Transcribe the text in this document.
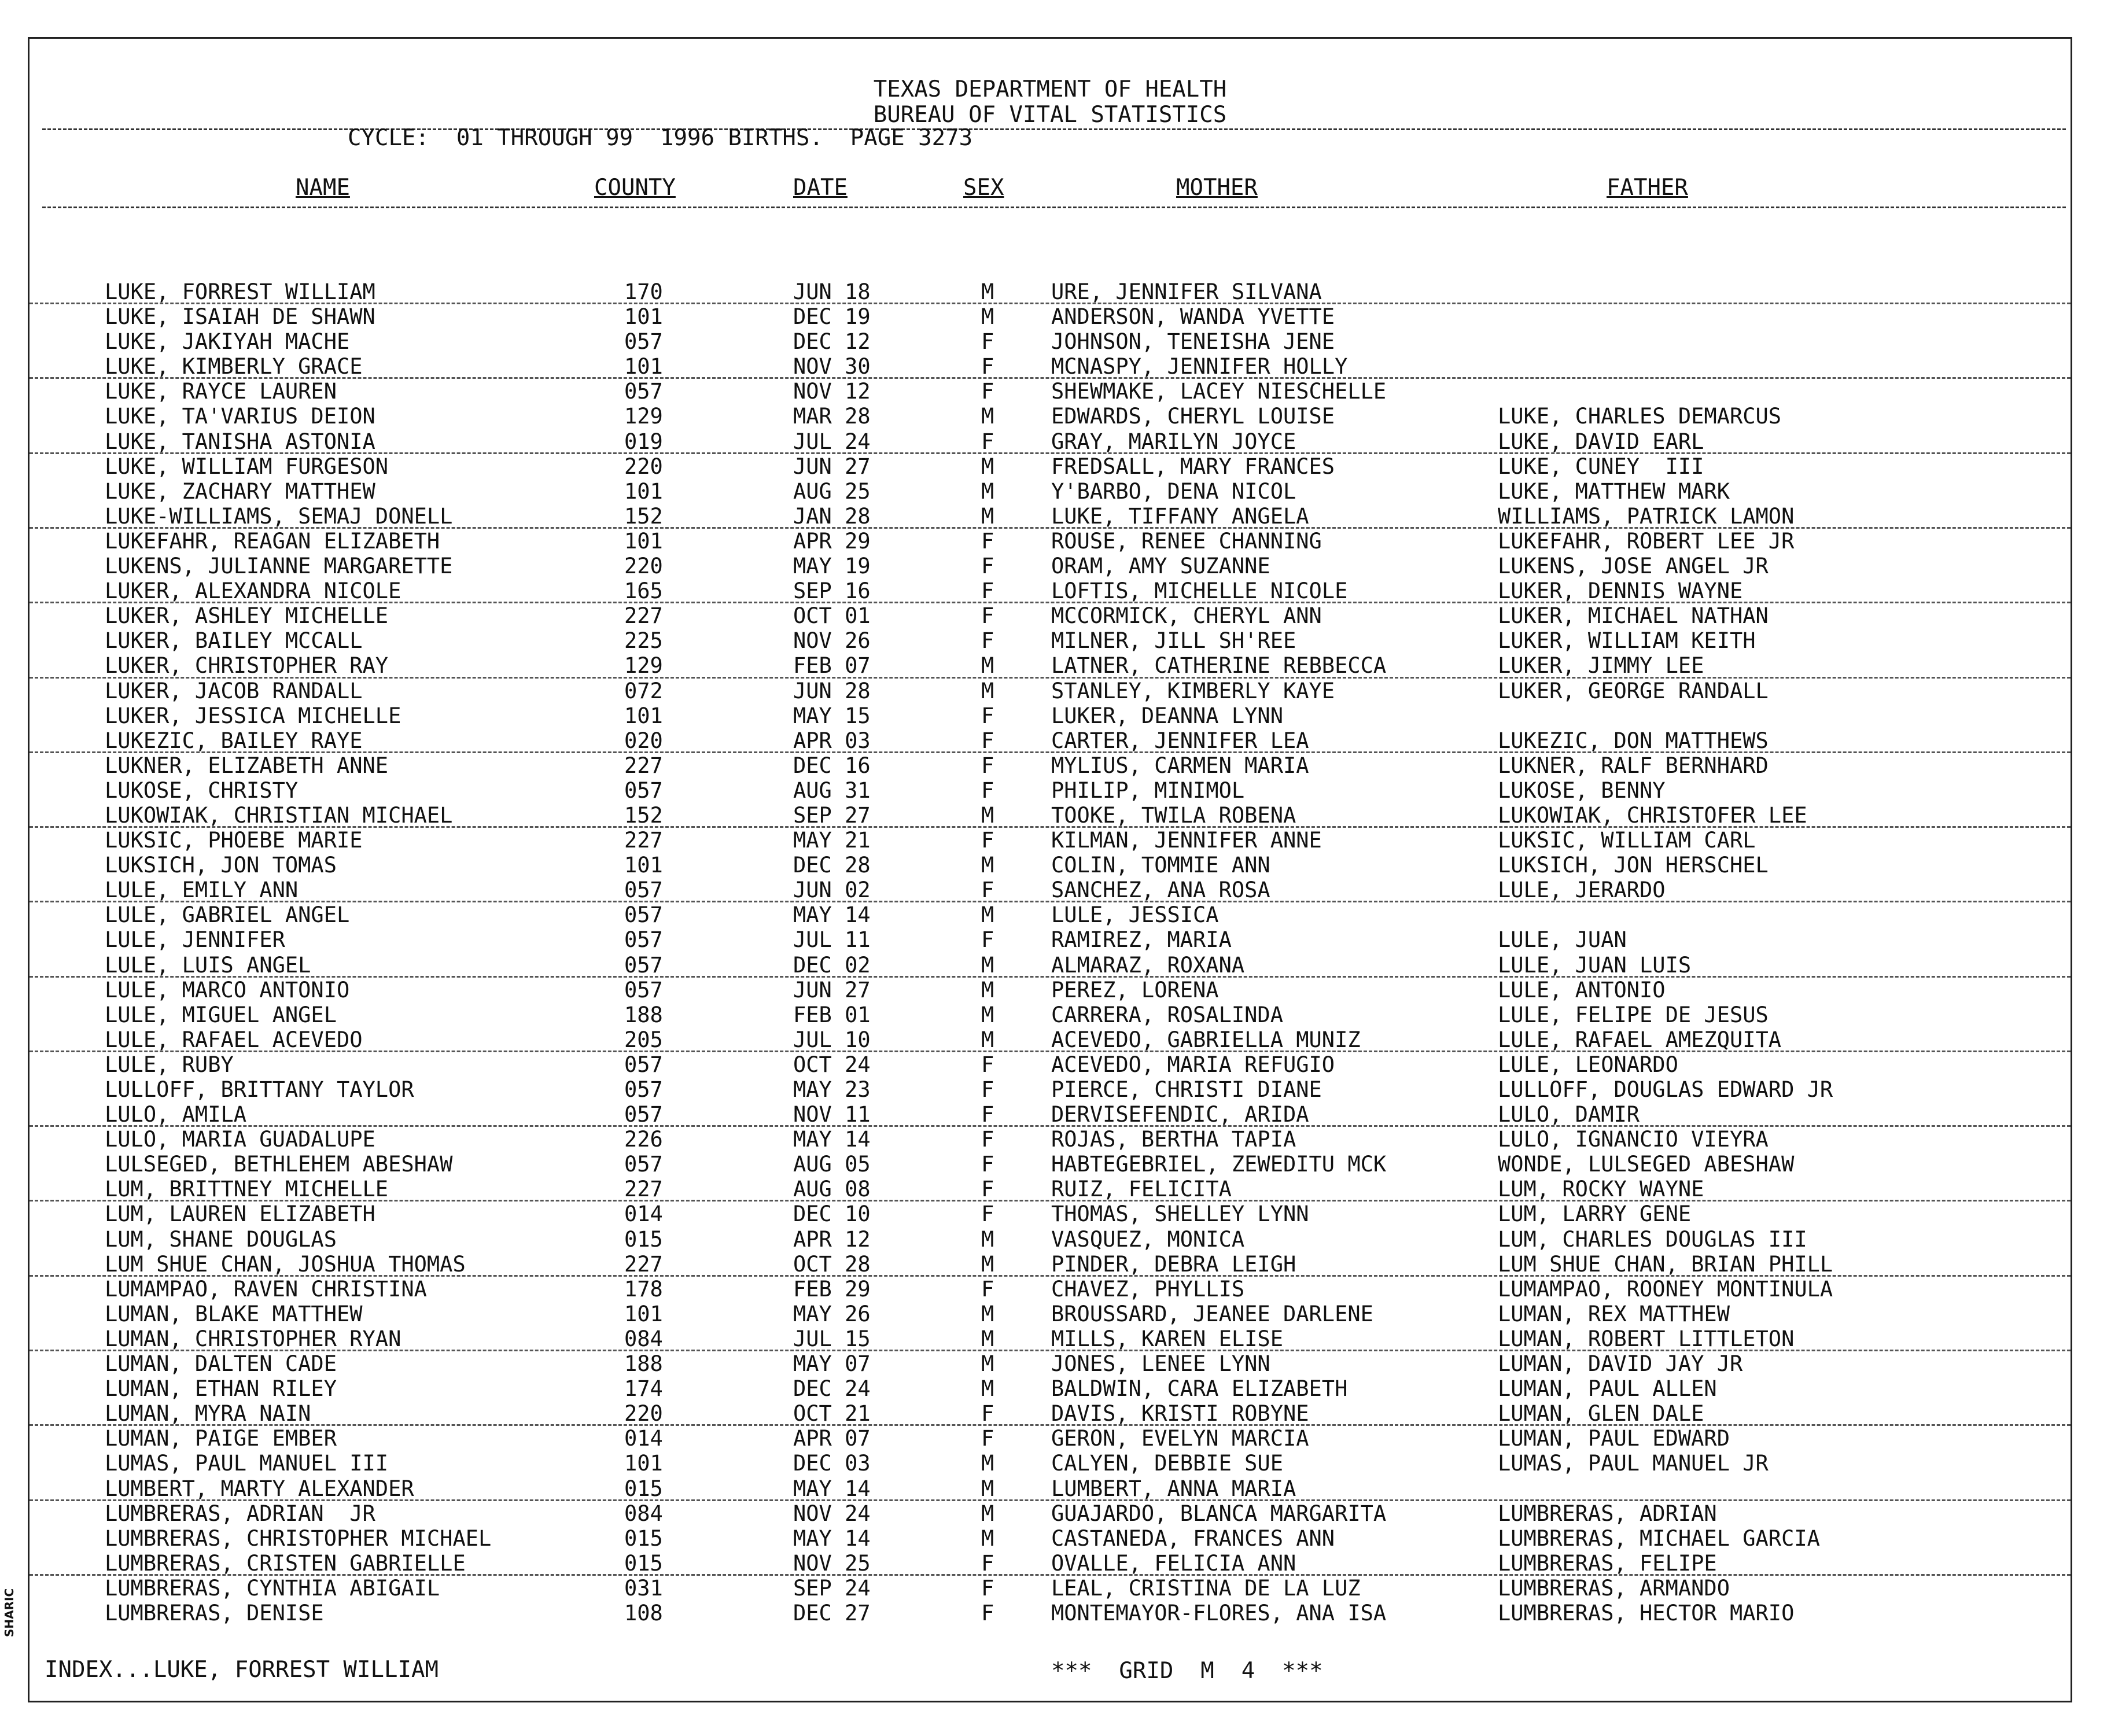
TEXAS DEPARTMENT OF HEALTH
BUREAU OF VITAL STATISTICS
CYCLE:  01 THROUGH 99  1996 BIRTHS.  PAGE 3273
NAME	COUNTY	DATE	SEX	MOTHER	FATHER
LUKE, FORREST WILLIAM	170	JUN 18	M	URE, JENNIFER SILVANA
LUKE, ISAIAH DE SHAWN	101	DEC 19	M	ANDERSON, WANDA YVETTE
LUKE, JAKIYAH MACHE	057	DEC 12	F	JOHNSON, TENEISHA JENE
LUKE, KIMBERLY GRACE	101	NOV 30	F	MCNASPY, JENNIFER HOLLY
LUKE, RAYCE LAUREN	057	NOV 12	F	SHEWMAKE, LACEY NIESCHELLE
LUKE, TA'VARIUS DEION	129	MAR 28	M	EDWARDS, CHERYL LOUISE	LUKE, CHARLES DEMARCUS
LUKE, TANISHA ASTONIA	019	JUL 24	F	GRAY, MARILYN JOYCE	LUKE, DAVID EARL
LUKE, WILLIAM FURGESON	220	JUN 27	M	FREDSALL, MARY FRANCES	LUKE, CUNEY  III
LUKE, ZACHARY MATTHEW	101	AUG 25	M	Y'BARBO, DENA NICOL	LUKE, MATTHEW MARK
LUKE-WILLIAMS, SEMAJ DONELL	152	JAN 28	M	LUKE, TIFFANY ANGELA	WILLIAMS, PATRICK LAMON
LUKEFAHR, REAGAN ELIZABETH	101	APR 29	F	ROUSE, RENEE CHANNING	LUKEFAHR, ROBERT LEE JR
LUKENS, JULIANNE MARGARETTE	220	MAY 19	F	ORAM, AMY SUZANNE	LUKENS, JOSE ANGEL JR
LUKER, ALEXANDRA NICOLE	165	SEP 16	F	LOFTIS, MICHELLE NICOLE	LUKER, DENNIS WAYNE
LUKER, ASHLEY MICHELLE	227	OCT 01	F	MCCORMICK, CHERYL ANN	LUKER, MICHAEL NATHAN
LUKER, BAILEY MCCALL	225	NOV 26	F	MILNER, JILL SH'REE	LUKER, WILLIAM KEITH
LUKER, CHRISTOPHER RAY	129	FEB 07	M	LATNER, CATHERINE REBBECCA	LUKER, JIMMY LEE
LUKER, JACOB RANDALL	072	JUN 28	M	STANLEY, KIMBERLY KAYE	LUKER, GEORGE RANDALL
LUKER, JESSICA MICHELLE	101	MAY 15	F	LUKER, DEANNA LYNN
LUKEZIC, BAILEY RAYE	020	APR 03	F	CARTER, JENNIFER LEA	LUKEZIC, DON MATTHEWS
LUKNER, ELIZABETH ANNE	227	DEC 16	F	MYLIUS, CARMEN MARIA	LUKNER, RALF BERNHARD
LUKOSE, CHRISTY	057	AUG 31	F	PHILIP, MINIMOL	LUKOSE, BENNY
LUKOWIAK, CHRISTIAN MICHAEL	152	SEP 27	M	TOOKE, TWILA ROBENA	LUKOWIAK, CHRISTOFER LEE
LUKSIC, PHOEBE MARIE	227	MAY 21	F	KILMAN, JENNIFER ANNE	LUKSIC, WILLIAM CARL
LUKSICH, JON TOMAS	101	DEC 28	M	COLIN, TOMMIE ANN	LUKSICH, JON HERSCHEL
LULE, EMILY ANN	057	JUN 02	F	SANCHEZ, ANA ROSA	LULE, JERARDO
LULE, GABRIEL ANGEL	057	MAY 14	M	LULE, JESSICA
LULE, JENNIFER	057	JUL 11	F	RAMIREZ, MARIA	LULE, JUAN
LULE, LUIS ANGEL	057	DEC 02	M	ALMARAZ, ROXANA	LULE, JUAN LUIS
LULE, MARCO ANTONIO	057	JUN 27	M	PEREZ, LORENA	LULE, ANTONIO
LULE, MIGUEL ANGEL	188	FEB 01	M	CARRERA, ROSALINDA	LULE, FELIPE DE JESUS
LULE, RAFAEL ACEVEDO	205	JUL 10	M	ACEVEDO, GABRIELLA MUNIZ	LULE, RAFAEL AMEZQUITA
LULE, RUBY	057	OCT 24	F	ACEVEDO, MARIA REFUGIO	LULE, LEONARDO
LULLOFF, BRITTANY TAYLOR	057	MAY 23	F	PIERCE, CHRISTI DIANE	LULLOFF, DOUGLAS EDWARD JR
LULO, AMILA	057	NOV 11	F	DERVISEFENDIC, ARIDA	LULO, DAMIR
LULO, MARIA GUADALUPE	226	MAY 14	F	ROJAS, BERTHA TAPIA	LULO, IGNANCIO VIEYRA
LULSEGED, BETHLEHEM ABESHAW	057	AUG 05	F	HABTEGEBRIEL, ZEWEDITU MCK	WONDE, LULSEGED ABESHAW
LUM, BRITTNEY MICHELLE	227	AUG 08	F	RUIZ, FELICITA	LUM, ROCKY WAYNE
LUM, LAUREN ELIZABETH	014	DEC 10	F	THOMAS, SHELLEY LYNN	LUM, LARRY GENE
LUM, SHANE DOUGLAS	015	APR 12	M	VASQUEZ, MONICA	LUM, CHARLES DOUGLAS III
LUM SHUE CHAN, JOSHUA THOMAS	227	OCT 28	M	PINDER, DEBRA LEIGH	LUM SHUE CHAN, BRIAN PHILL
LUMAMPAO, RAVEN CHRISTINA	178	FEB 29	F	CHAVEZ, PHYLLIS	LUMAMPAO, ROONEY MONTINULA
LUMAN, BLAKE MATTHEW	101	MAY 26	M	BROUSSARD, JEANEE DARLENE	LUMAN, REX MATTHEW
LUMAN, CHRISTOPHER RYAN	084	JUL 15	M	MILLS, KAREN ELISE	LUMAN, ROBERT LITTLETON
LUMAN, DALTEN CADE	188	MAY 07	M	JONES, LENEE LYNN	LUMAN, DAVID JAY JR
LUMAN, ETHAN RILEY	174	DEC 24	M	BALDWIN, CARA ELIZABETH	LUMAN, PAUL ALLEN
LUMAN, MYRA NAIN	220	OCT 21	F	DAVIS, KRISTI ROBYNE	LUMAN, GLEN DALE
LUMAN, PAIGE EMBER	014	APR 07	F	GERON, EVELYN MARCIA	LUMAN, PAUL EDWARD
LUMAS, PAUL MANUEL III	101	DEC 03	M	CALYEN, DEBBIE SUE	LUMAS, PAUL MANUEL JR
LUMBERT, MARTY ALEXANDER	015	MAY 14	M	LUMBERT, ANNA MARIA
LUMBRERAS, ADRIAN  JR	084	NOV 24	M	GUAJARDO, BLANCA MARGARITA	LUMBRERAS, ADRIAN
LUMBRERAS, CHRISTOPHER MICHAEL	015	MAY 14	M	CASTANEDA, FRANCES ANN	LUMBRERAS, MICHAEL GARCIA
LUMBRERAS, CRISTEN GABRIELLE	015	NOV 25	F	OVALLE, FELICIA ANN	LUMBRERAS, FELIPE
LUMBRERAS, CYNTHIA ABIGAIL	031	SEP 24	F	LEAL, CRISTINA DE LA LUZ	LUMBRERAS, ARMANDO
LUMBRERAS, DENISE	108	DEC 27	F	MONTEMAYOR-FLORES, ANA ISA	LUMBRERAS, HECTOR MARIO
INDEX...LUKE, FORREST WILLIAM	***  GRID  M  4  ***
SHARIC
